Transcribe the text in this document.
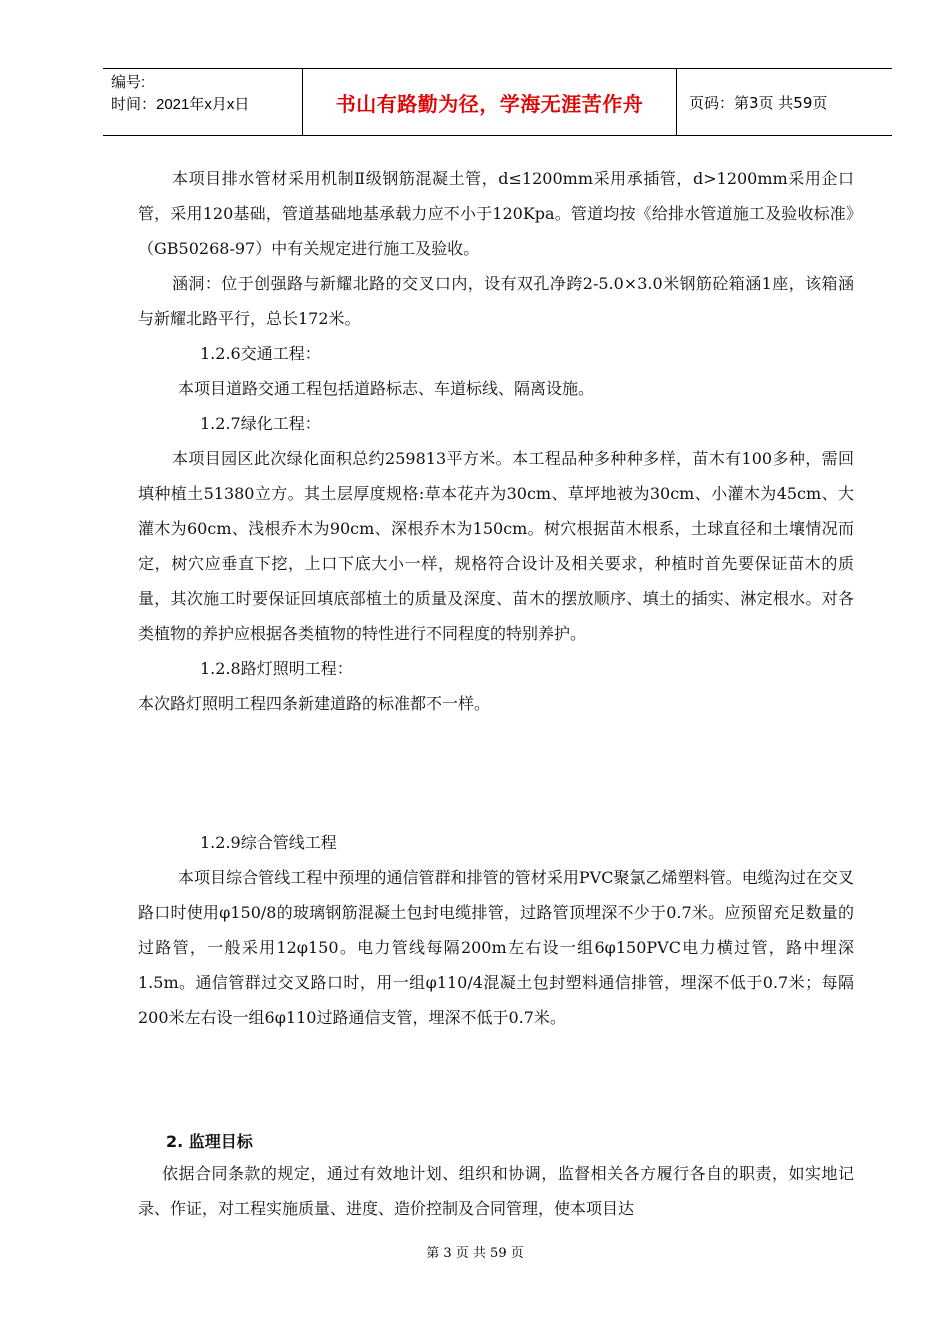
编号:
时间：2021年x月x日	书山有路勤为径，学海无涯苦作舟	页码：第3页 共59页

本项目排水管材采用机制Ⅱ级钢筋混凝土管，d≤1200mm采用承插管，d>1200mm采用企口管，采用120基础，管道基础地基承载力应不小于120Kpa。管道均按《给排水管道施工及验收标准》（GB50268-97）中有关规定进行施工及验收。

涵洞：位于创强路与新耀北路的交叉口内，设有双孔净跨2-5.0×3.0米钢筋砼箱涵1座，该箱涵与新耀北路平行，总长172米。

1.2.6交通工程：

本项目道路交通工程包括道路标志、车道标线、隔离设施。

1.2.7绿化工程：

本项目园区此次绿化面积总约259813平方米。本工程品种多种种多样，苗木有100多种，需回填种植土51380立方。其土层厚度规格:草本花卉为30cm、草坪地被为30cm、小灌木为45cm、大灌木为60cm、浅根乔木为90cm、深根乔木为150cm。树穴根据苗木根系，土球直径和土壤情况而定，树穴应垂直下挖，上口下底大小一样，规格符合设计及相关要求，种植时首先要保证苗木的质量，其次施工时要保证回填底部植土的质量及深度、苗木的摆放顺序、填土的插实、淋定根水。对各类植物的养护应根据各类植物的特性进行不同程度的特别养护。

1.2.8路灯照明工程：

本次路灯照明工程四条新建道路的标准都不一样。

1.2.9综合管线工程

本项目综合管线工程中预埋的通信管群和排管的管材采用PVC聚氯乙烯塑料管。电缆沟过在交叉路口时使用φ150/8的玻璃钢筋混凝土包封电缆排管，过路管顶埋深不少于0.7米。应预留充足数量的过路管，一般采用12φ150。电力管线每隔200m左右设一组6φ150PVC电力横过管，路中埋深1.5m。通信管群过交叉路口时，用一组φ110/4混凝土包封塑料通信排管，埋深不低于0.7米；每隔200米左右设一组6φ110过路通信支管，埋深不低于0.7米。

2. 监理目标

依据合同条款的规定，通过有效地计划、组织和协调，监督相关各方履行各自的职责，如实地记录、作证，对工程实施质量、进度、造价控制及合同管理，使本项目达

第 3 页 共 59 页
